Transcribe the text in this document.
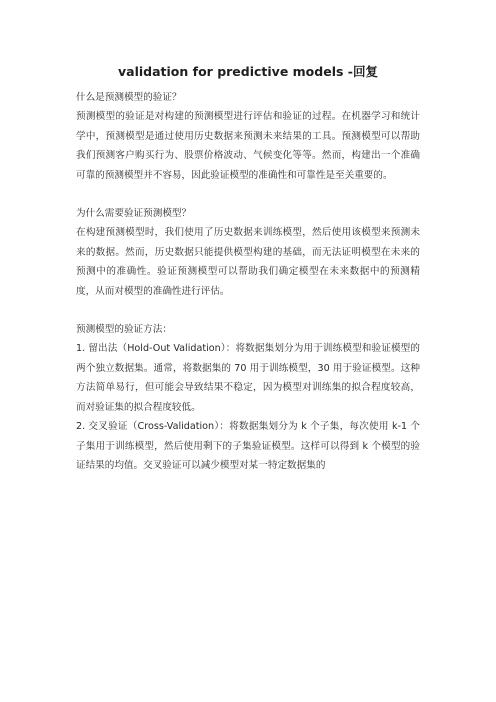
validation for predictive models -回复

什么是预测模型的验证？

预测模型的验证是对构建的预测模型进行评估和验证的过程。在机器学习和统计学中，预测模型是通过使用历史数据来预测未来结果的工具。预测模型可以帮助我们预测客户购买行为、股票价格波动、气候变化等等。然而，构建出一个准确可靠的预测模型并不容易，因此验证模型的准确性和可靠性是至关重要的。

为什么需要验证预测模型？

在构建预测模型时，我们使用了历史数据来训练模型，然后使用该模型来预测未来的数据。然而，历史数据只能提供模型构建的基础，而无法证明模型在未来的预测中的准确性。验证预测模型可以帮助我们确定模型在未来数据中的预测精度，从而对模型的准确性进行评估。

预测模型的验证方法：

1. 留出法（Hold-Out Validation）：将数据集划分为用于训练模型和验证模型的两个独立数据集。通常，将数据集的 70 用于训练模型，30 用于验证模型。这种方法简单易行，但可能会导致结果不稳定，因为模型对训练集的拟合程度较高，而对验证集的拟合程度较低。

2. 交叉验证（Cross-Validation）：将数据集划分为 k 个子集，每次使用 k-1 个子集用于训练模型，然后使用剩下的子集验证模型。这样可以得到 k 个模型的验证结果的均值。交叉验证可以减少模型对某一特定数据集的
